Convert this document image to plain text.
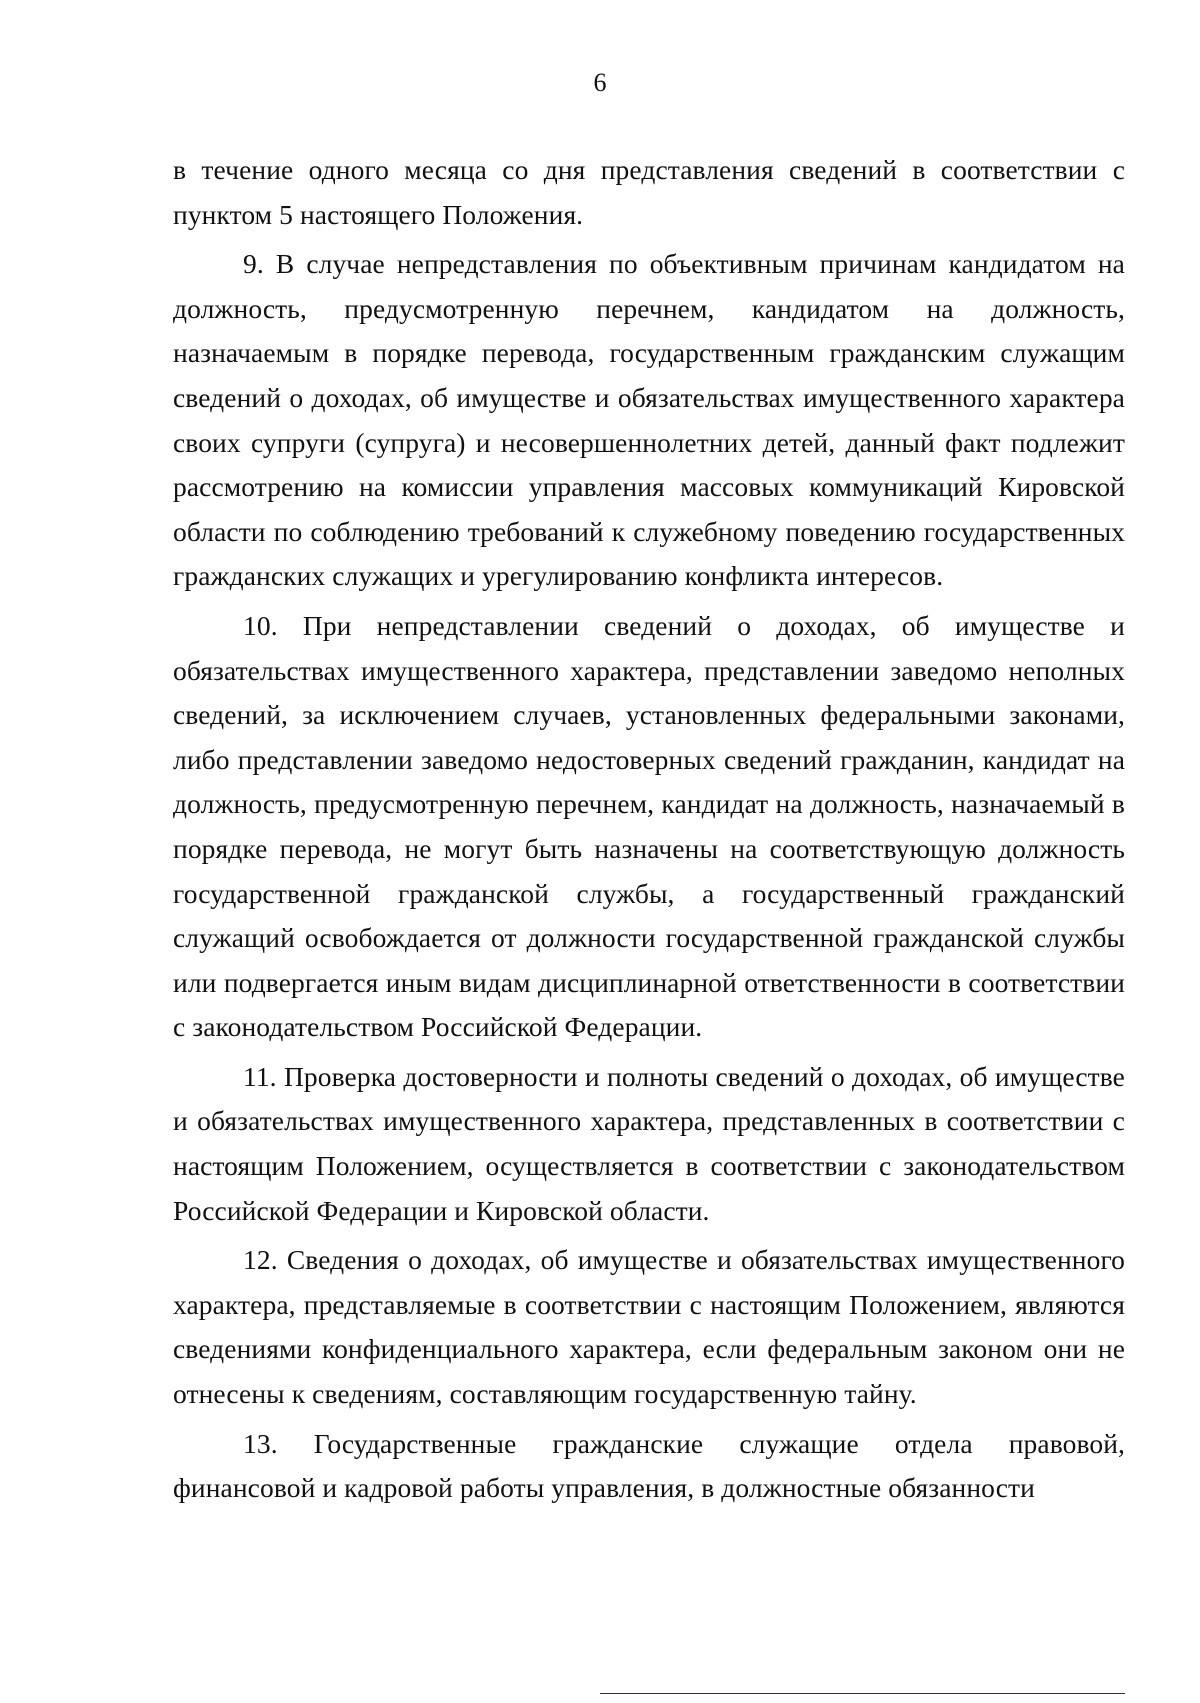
6

в течение одного месяца со дня представления сведений в соответствии с пунктом 5 настоящего Положения.

9. В случае непредставления по объективным причинам кандидатом на должность, предусмотренную перечнем, кандидатом на должность, назначаемым в порядке перевода, государственным гражданским служащим сведений о доходах, об имуществе и обязательствах имущественного характера своих супруги (супруга) и несовершеннолетних детей, данный факт подлежит рассмотрению на комиссии управления массовых коммуникаций Кировской области по соблюдению требований к служебному поведению государственных гражданских служащих и урегулированию конфликта интересов.

10. При непредставлении сведений о доходах, об имуществе и обязательствах имущественного характера, представлении заведомо неполных сведений, за исключением случаев, установленных федеральными законами, либо представлении заведомо недостоверных сведений гражданин, кандидат на должность, предусмотренную перечнем, кандидат на должность, назначаемый в порядке перевода, не могут быть назначены на соответствующую должность государственной гражданской службы, а государственный гражданский служащий освобождается от должности государственной гражданской службы или подвергается иным видам дисциплинарной ответственности в соответствии с законодательством Российской Федерации.

11. Проверка достоверности и полноты сведений о доходах, об имуществе и обязательствах имущественного характера, представленных в соответствии с настоящим Положением, осуществляется в соответствии с законодательством Российской Федерации и Кировской области.

12. Сведения о доходах, об имуществе и обязательствах имущественного характера, представляемые в соответствии с настоящим Положением, являются сведениями конфиденциального характера, если федеральным законом они не отнесены к сведениям, составляющим государственную тайну.

13. Государственные гражданские служащие отдела правовой, финансовой и кадровой работы управления, в должностные обязанности
